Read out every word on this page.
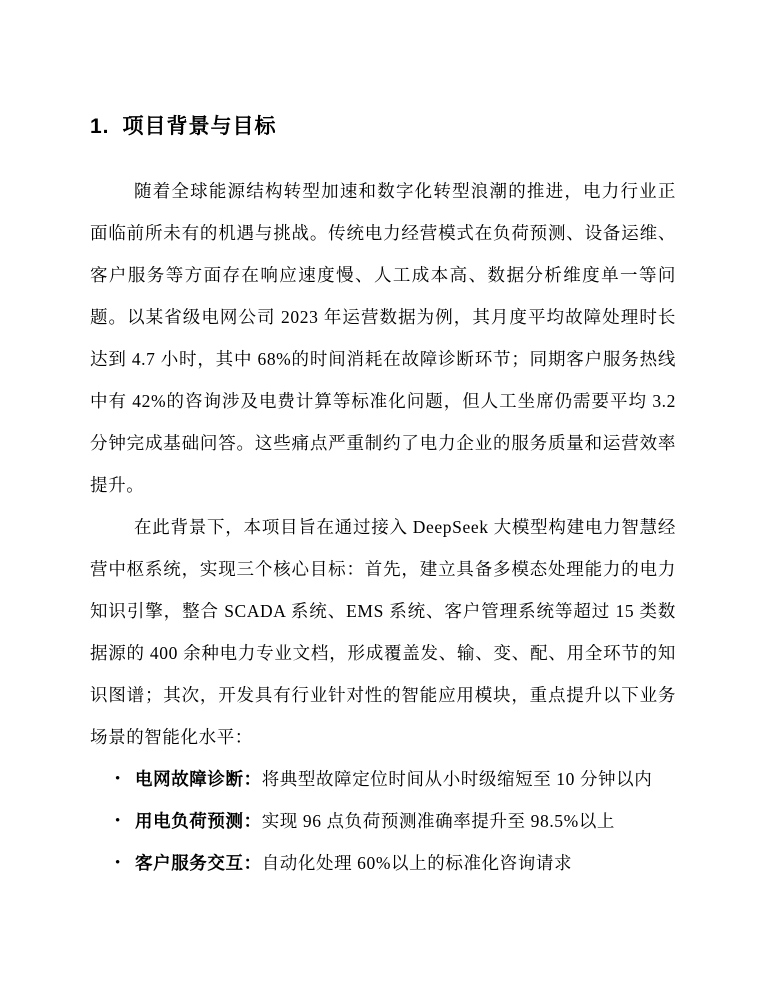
1. 项目背景与目标

随着全球能源结构转型加速和数字化转型浪潮的推进，电力行业正面临前所未有的机遇与挑战。传统电力经营模式在负荷预测、设备运维、客户服务等方面存在响应速度慢、人工成本高、数据分析维度单一等问题。以某省级电网公司 2023 年运营数据为例，其月度平均故障处理时长达到 4.7 小时，其中 68%的时间消耗在故障诊断环节；同期客户服务热线中有 42%的咨询涉及电费计算等标准化问题，但人工坐席仍需要平均 3.2 分钟完成基础问答。这些痛点严重制约了电力企业的服务质量和运营效率提升。

在此背景下，本项目旨在通过接入 DeepSeek 大模型构建电力智慧经营中枢系统，实现三个核心目标：首先，建立具备多模态处理能力的电力知识引擎，整合 SCADA 系统、EMS 系统、客户管理系统等超过 15 类数据源的 400 余种电力专业文档，形成覆盖发、输、变、配、用全环节的知识图谱；其次，开发具有行业针对性的智能应用模块，重点提升以下业务场景的智能化水平：

• 电网故障诊断：将典型故障定位时间从小时级缩短至 10 分钟以内
• 用电负荷预测：实现 96 点负荷预测准确率提升至 98.5%以上
• 客户服务交互：自动化处理 60%以上的标准化咨询请求
